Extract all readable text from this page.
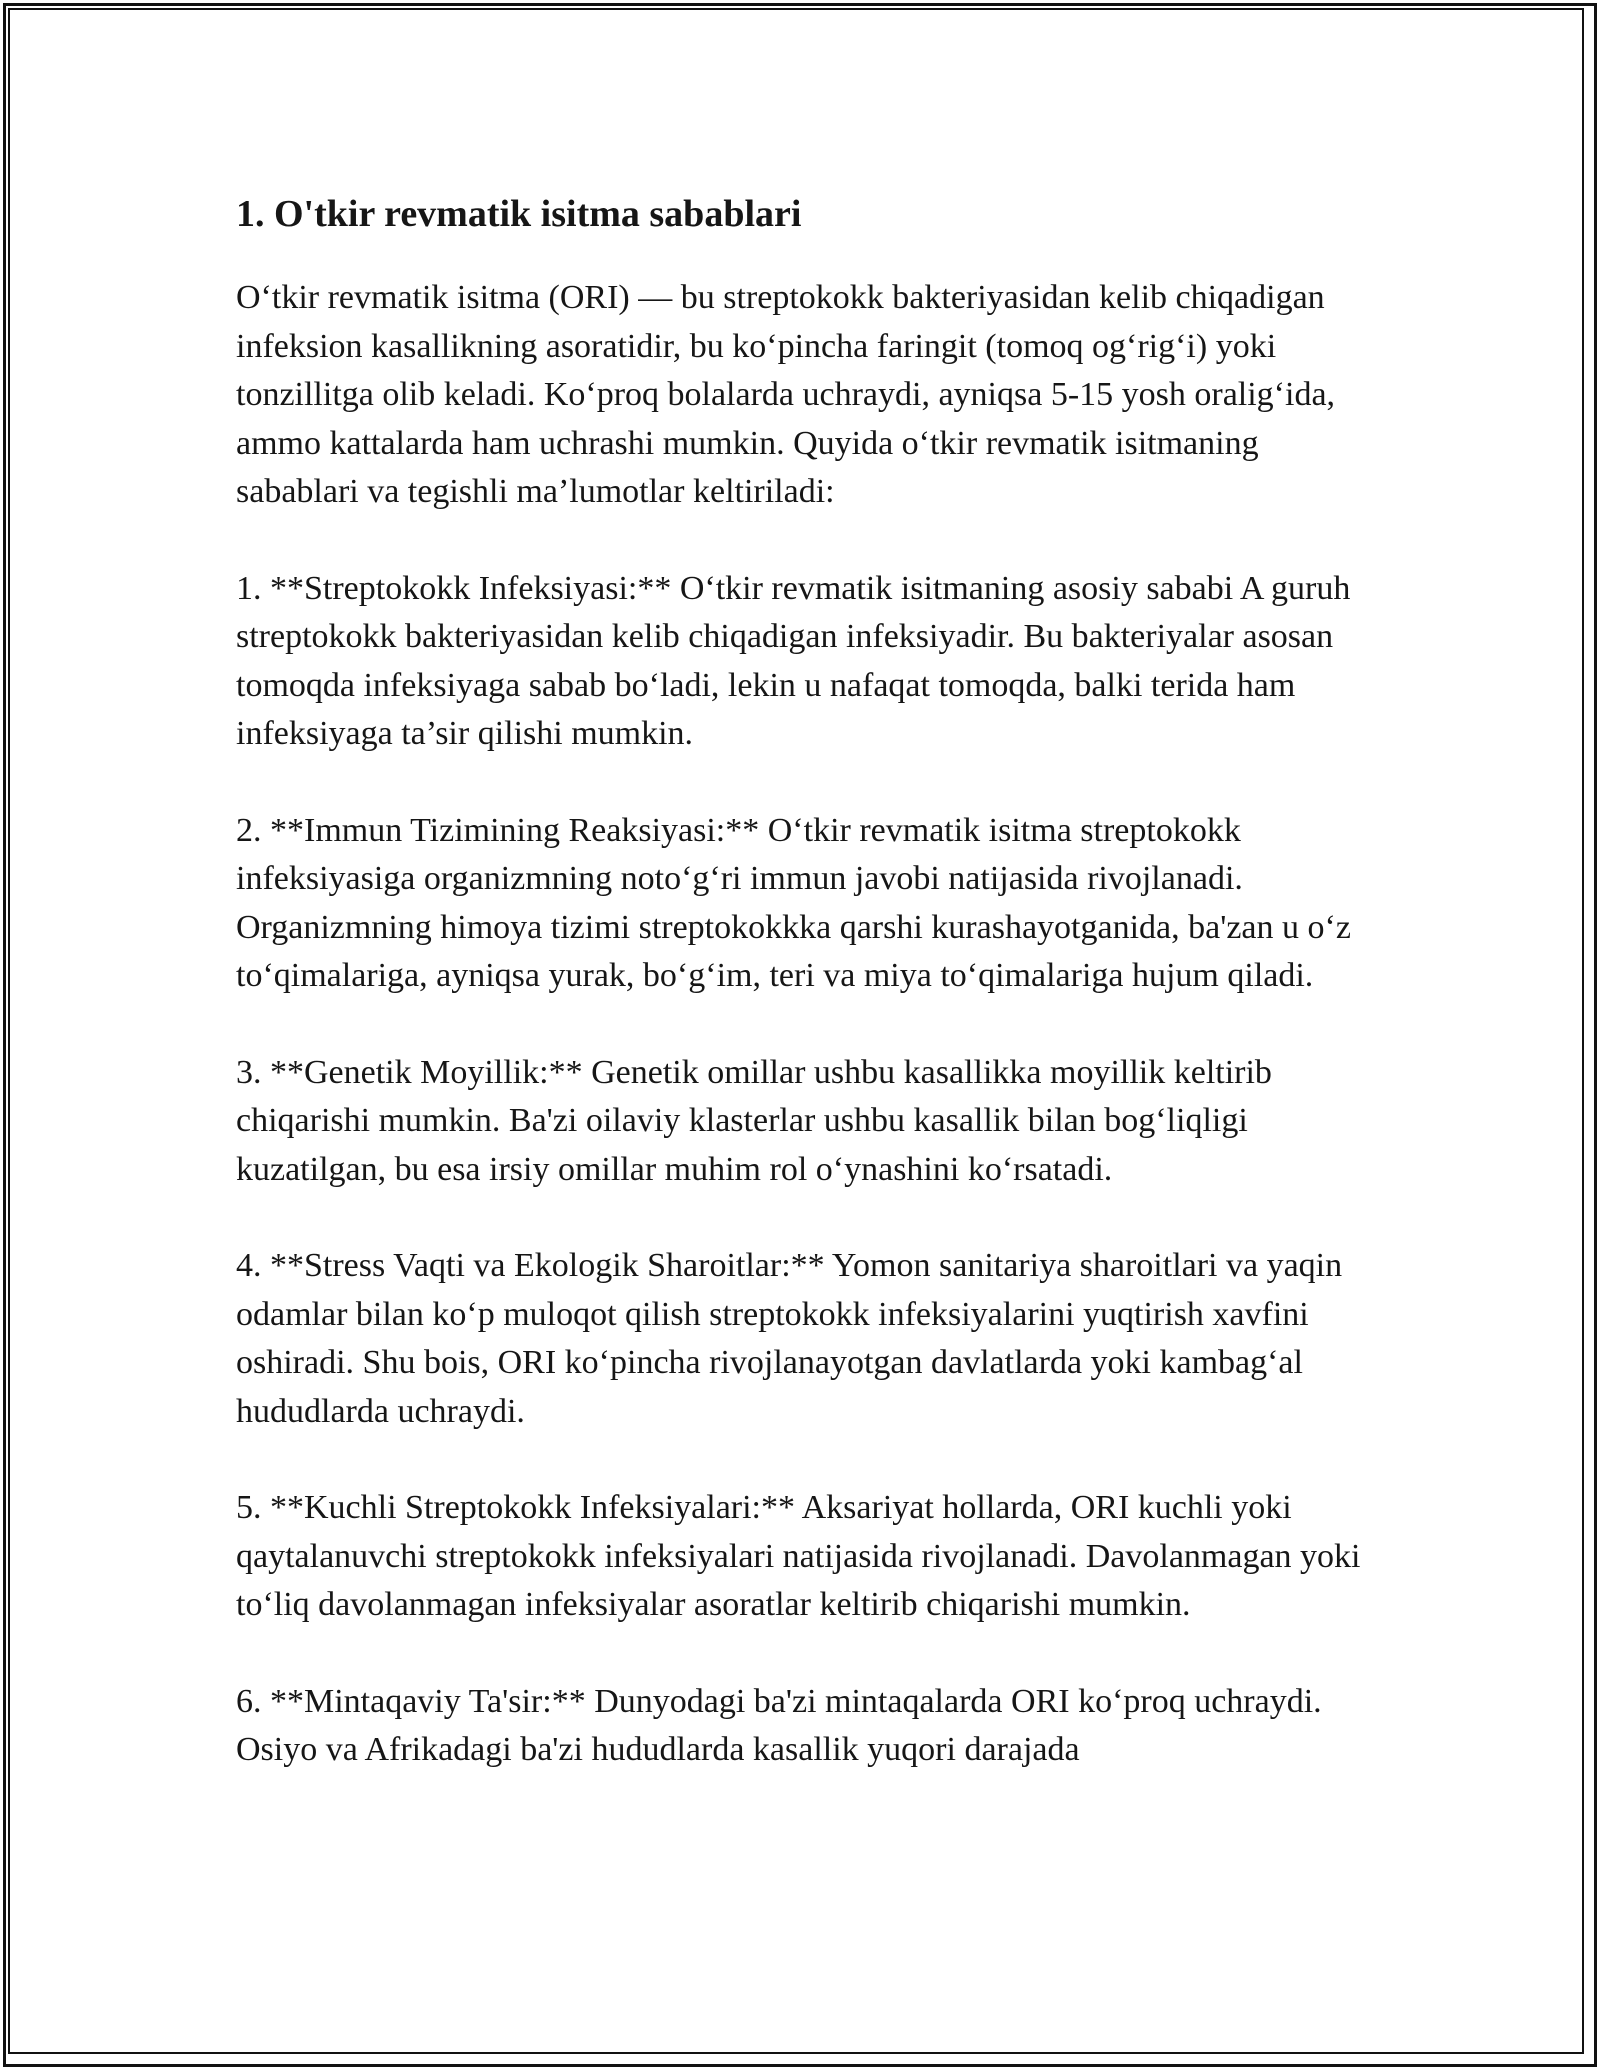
1. O'tkir revmatik isitma sabablari

O‘tkir revmatik isitma (ORI) — bu streptokokk bakteriyasidan kelib chiqadigan infeksion kasallikning asoratidir, bu ko‘pincha faringit (tomoq og‘rig‘i) yoki tonzillitga olib keladi. Ko‘proq bolalarda uchraydi, ayniqsa 5-15 yosh oralig‘ida, ammo kattalarda ham uchrashi mumkin. Quyida o‘tkir revmatik isitmaning sabablari va tegishli ma’lumotlar keltiriladi:

1. **Streptokokk Infeksiyasi:** O‘tkir revmatik isitmaning asosiy sababi A guruh streptokokk bakteriyasidan kelib chiqadigan infeksiyadir. Bu bakteriyalar asosan tomoqda infeksiyaga sabab bo‘ladi, lekin u nafaqat tomoqda, balki terida ham infeksiyaga ta’sir qilishi mumkin.

2. **Immun Tizimining Reaksiyasi:** O‘tkir revmatik isitma streptokokk infeksiyasiga organizmning noto‘g‘ri immun javobi natijasida rivojlanadi. Organizmning himoya tizimi streptokokkka qarshi kurashayotganida, ba'zan u o‘z to‘qimalariga, ayniqsa yurak, bo‘g‘im, teri va miya to‘qimalariga hujum qiladi.

3. **Genetik Moyillik:** Genetik omillar ushbu kasallikka moyillik keltirib chiqarishi mumkin. Ba'zi oilaviy klasterlar ushbu kasallik bilan bog‘liqligi kuzatilgan, bu esa irsiy omillar muhim rol o‘ynashini ko‘rsatadi.

4. **Stress Vaqti va Ekologik Sharoitlar:** Yomon sanitariya sharoitlari va yaqin odamlar bilan ko‘p muloqot qilish streptokokk infeksiyalarini yuqtirish xavfini oshiradi. Shu bois, ORI ko‘pincha rivojlanayotgan davlatlarda yoki kambag‘al hududlarda uchraydi.

5. **Kuchli Streptokokk Infeksiyalari:** Aksariyat hollarda, ORI kuchli yoki qaytalanuvchi streptokokk infeksiyalari natijasida rivojlanadi. Davolanmagan yoki to‘liq davolanmagan infeksiyalar asoratlar keltirib chiqarishi mumkin.

6. **Mintaqaviy Ta'sir:** Dunyodagi ba'zi mintaqalarda ORI ko‘proq uchraydi. Osiyo va Afrikadagi ba'zi hududlarda kasallik yuqori darajada
